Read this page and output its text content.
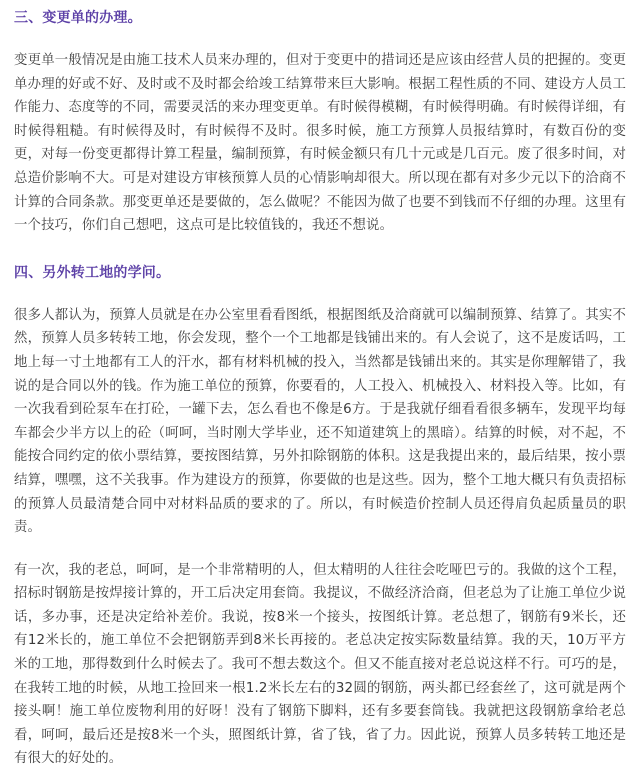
三、变更单的办理。

变更单一般情况是由施工技术人员来办理的，但对于变更中的措词还是应该由经营人员的把握的。变更单办理的好或不好、及时或不及时都会给竣工结算带来巨大影响。根据工程性质的不同、建设方人员工作能力、态度等的不同，需要灵活的来办理变更单。有时候得模糊，有时候得明确。有时候得详细，有时候得粗糙。有时候得及时，有时候得不及时。很多时候，施工方预算人员报结算时，有数百份的变更，对每一份变更都得计算工程量，编制预算，有时候金额只有几十元或是几百元。废了很多时间，对总造价影响不大。可是对建设方审核预算人员的心情影响却很大。所以现在都有对多少元以下的洽商不计算的合同条款。那变更单还是要做的，怎么做呢？不能因为做了也要不到钱而不仔细的办理。这里有一个技巧，你们自己想吧，这点可是比较值钱的，我还不想说。

四、另外转工地的学问。

很多人都认为，预算人员就是在办公室里看看图纸，根据图纸及洽商就可以编制预算、结算了。其实不然，预算人员多转转工地，你会发现，整个一个工地都是钱铺出来的。有人会说了，这不是废话吗，工地上每一寸土地都有工人的汗水，都有材料机械的投入，当然都是钱铺出来的。其实是你理解错了，我说的是合同以外的钱。作为施工单位的预算，你要看的，人工投入、机械投入、材料投入等。比如，有一次我看到砼泵车在打砼，一罐下去，怎么看也不像是6方。于是我就仔细看看很多辆车，发现平均每车都会少半方以上的砼（呵呵，当时刚大学毕业，还不知道建筑上的黑暗）。结算的时候，对不起，不能按合同约定的依小票结算，要按图结算，另外扣除钢筋的体积。这是我提出来的，最后结果，按小票结算，嘿嘿，这不关我事。作为建设方的预算，你要做的也是这些。因为，整个工地大概只有负责招标的预算人员最清楚合同中对材料品质的要求的了。所以，有时候造价控制人员还得肩负起质量员的职责。

有一次，我的老总，呵呵，是一个非常精明的人，但太精明的人往往会吃哑巴亏的。我做的这个工程，招标时钢筋是按焊接计算的，开工后决定用套筒。我提议，不做经济洽商，但老总为了让施工单位少说话，多办事，还是决定给补差价。我说，按8米一个接头，按图纸计算。老总想了，钢筋有9米长，还有12米长的，施工单位不会把钢筋弄到8米长再接的。老总决定按实际数量结算。我的天，10万平方米的工地，那得数到什么时候去了。我可不想去数这个。但又不能直接对老总说这样不行。可巧的是，在我转工地的时候，从地工捡回来一根1.2米长左右的32圆的钢筋，两头都已经套丝了，这可就是两个接头啊！施工单位废物利用的好呀！没有了钢筋下脚料，还有多要套筒钱。我就把这段钢筋拿给老总看，呵呵，最后还是按8米一个头，照图纸计算，省了钱，省了力。因此说，预算人员多转转工地还是有很大的好处的。
